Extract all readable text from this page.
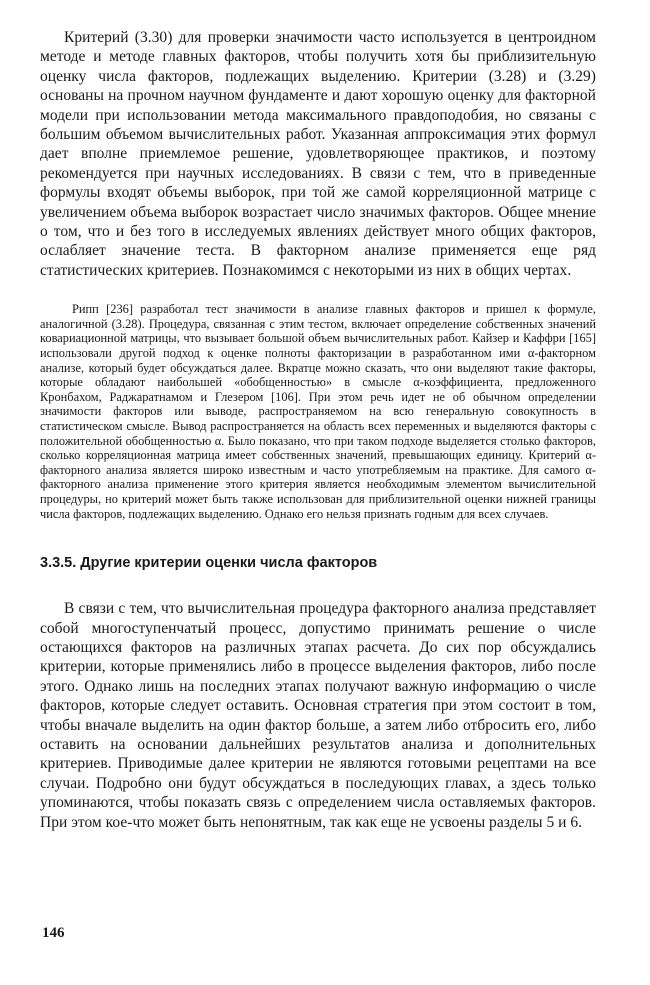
Критерий (3.30) для проверки значимости часто используется в центроидном методе и методе главных факторов, чтобы получить хотя бы приблизительную оценку числа факторов, подлежащих выделению. Критерии (3.28) и (3.29) основаны на прочном научном фундаменте и дают хорошую оценку для факторной модели при использовании метода максимального правдоподобия, но связаны с большим объемом вычислительных работ. Указанная аппроксимация этих формул дает вполне приемлемое решение, удовлетворяющее практиков, и поэтому рекомендуется при научных исследованиях. В связи с тем, что в приведенные формулы входят объемы выборок, при той же самой корреляционной матрице с увеличением объема выборок возрастает число значимых факторов. Общее мнение о том, что и без того в исследуемых явлениях действует много общих факторов, ослабляет значение теста. В факторном анализе применяется еще ряд статистических критериев. Познакомимся с некоторыми из них в общих чертах.

Рипп [236] разработал тест значимости в анализе главных факторов и пришел к формуле, аналогичной (3.28). Процедура, связанная с этим тестом, включает определение собственных значений ковариационной матрицы, что вызывает большой объем вычислительных работ. Кайзер и Каффри [165] использовали другой подход к оценке полноты факторизации в разработанном ими α-факторном анализе, который будет обсуждаться далее. Вкратце можно сказать, что они выделяют такие факторы, которые обладают наибольшей «обобщенностью» в смысле α-коэффициента, предложенного Кронбахом, Раджаратнамом и Глезером [106]. При этом речь идет не об обычном определении значимости факторов или выводе, распространяемом на всю генеральную совокупность в статистическом смысле. Вывод распространяется на область всех переменных и выделяются факторы с положительной обобщенностью α. Было показано, что при таком подходе выделяется столько факторов, сколько корреляционная матрица имеет собственных значений, превышающих единицу. Критерий α-факторного анализа является широко известным и часто употребляемым на практике. Для самого α-факторного анализа применение этого критерия является необходимым элементом вычислительной процедуры, но критерий может быть также использован для приблизительной оценки нижней границы числа факторов, подлежащих выделению. Однако его нельзя признать годным для всех случаев.

3.3.5. Другие критерии оценки числа факторов

В связи с тем, что вычислительная процедура факторного анализа представляет собой многоступенчатый процесс, допустимо принимать решение о числе остающихся факторов на различных этапах расчета. До сих пор обсуждались критерии, которые применялись либо в процессе выделения факторов, либо после этого. Однако лишь на последних этапах получают важную информацию о числе факторов, которые следует оставить. Основная стратегия при этом состоит в том, чтобы вначале выделить на один фактор больше, а затем либо отбросить его, либо оставить на основании дальнейших результатов анализа и дополнительных критериев. Приводимые далее критерии не являются готовыми рецептами на все случаи. Подробно они будут обсуждаться в последующих главах, а здесь только упоминаются, чтобы показать связь с определением числа оставляемых факторов. При этом кое-что может быть непонятным, так как еще не усвоены разделы 5 и 6.

146
